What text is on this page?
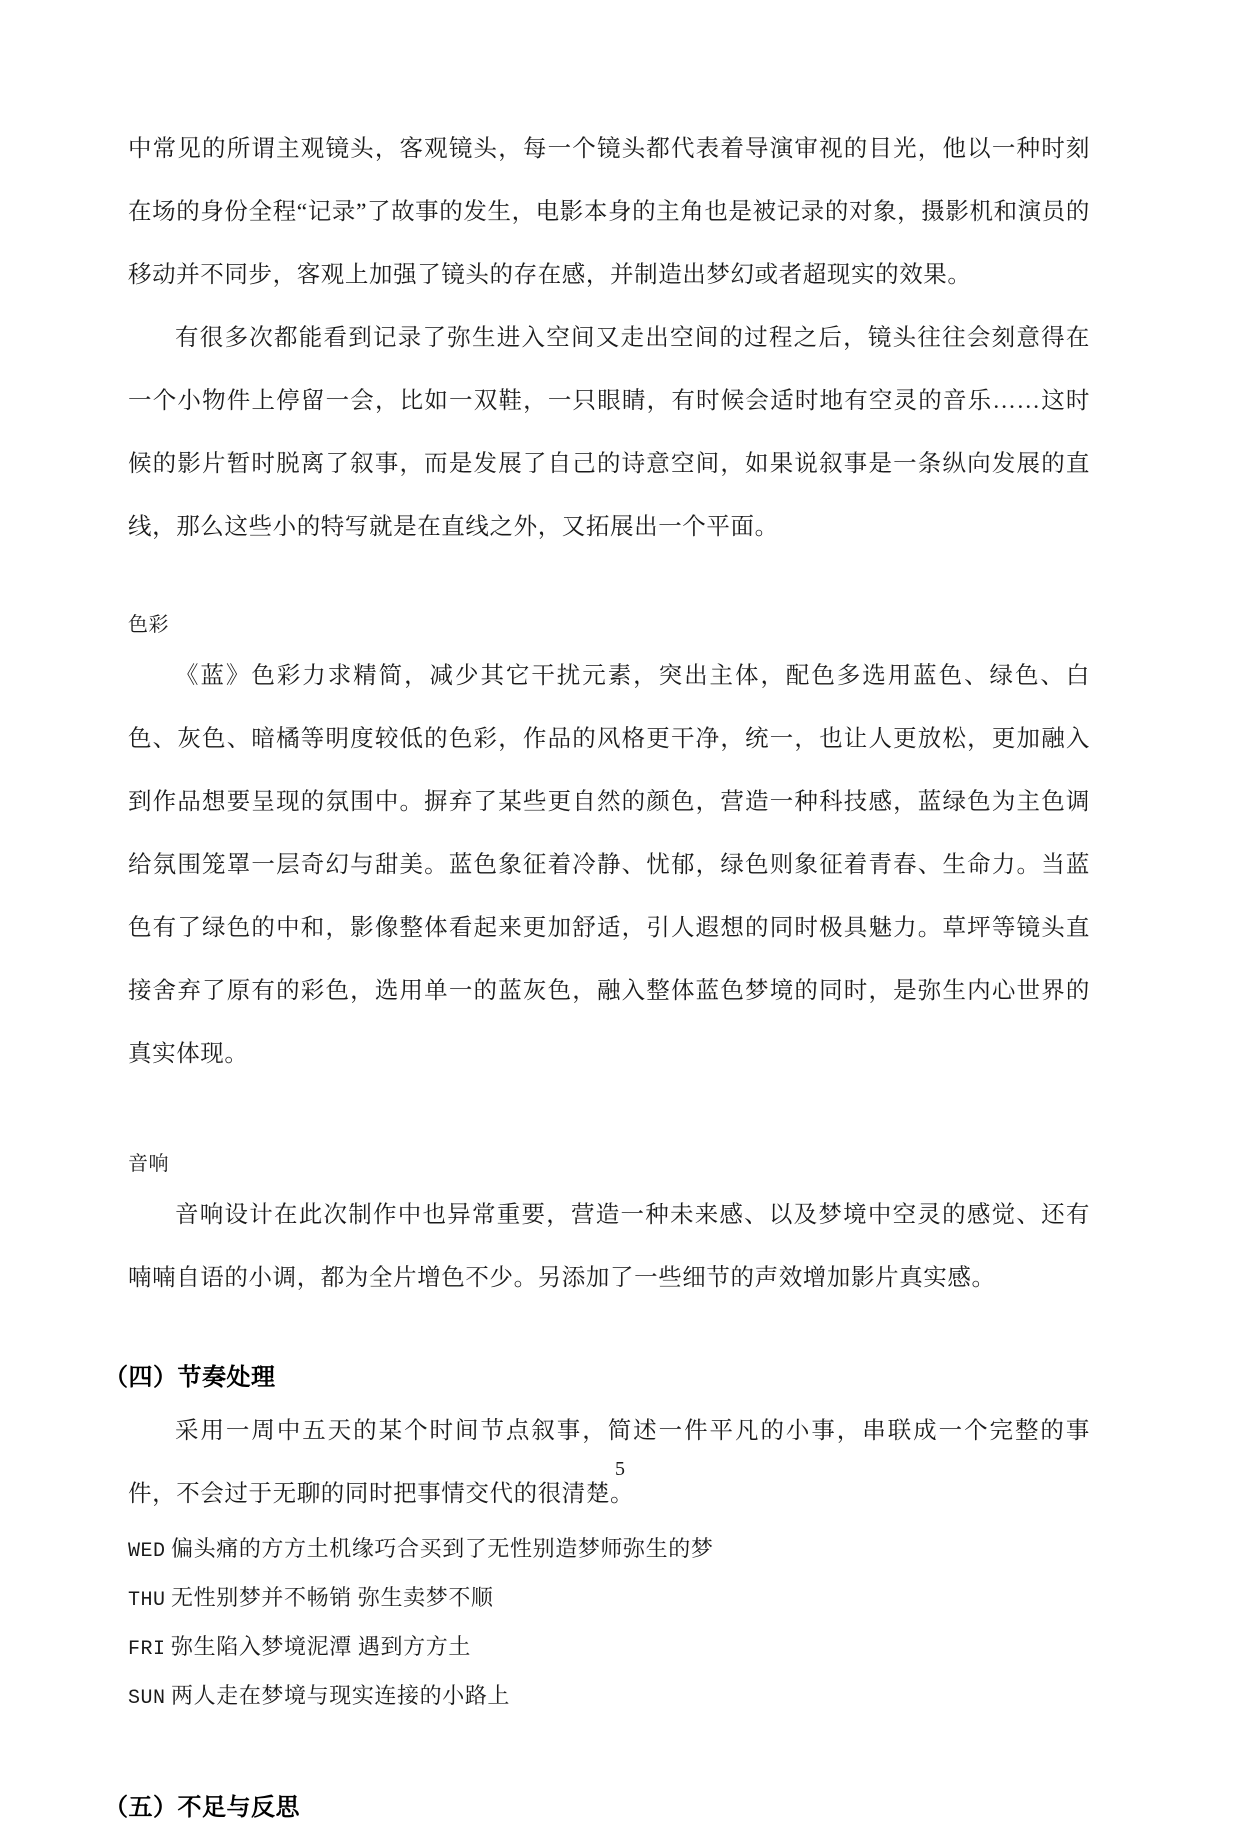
中常见的所谓主观镜头，客观镜头，每一个镜头都代表着导演审视的目光，他以一种时刻在场的身份全程“记录”了故事的发生，电影本身的主角也是被记录的对象，摄影机和演员的移动并不同步，客观上加强了镜头的存在感，并制造出梦幻或者超现实的效果。

有很多次都能看到记录了弥生进入空间又走出空间的过程之后，镜头往往会刻意得在一个小物件上停留一会，比如一双鞋，一只眼睛，有时候会适时地有空灵的音乐……这时候的影片暂时脱离了叙事，而是发展了自己的诗意空间，如果说叙事是一条纵向发展的直线，那么这些小的特写就是在直线之外，又拓展出一个平面。

色彩

《蓝》色彩力求精简，减少其它干扰元素，突出主体，配色多选用蓝色、绿色、白色、灰色、暗橘等明度较低的色彩，作品的风格更干净，统一，也让人更放松，更加融入到作品想要呈现的氛围中。摒弃了某些更自然的颜色，营造一种科技感，蓝绿色为主色调给氛围笼罩一层奇幻与甜美。蓝色象征着冷静、忧郁，绿色则象征着青春、生命力。当蓝色有了绿色的中和，影像整体看起来更加舒适，引人遐想的同时极具魅力。草坪等镜头直接舍弃了原有的彩色，选用单一的蓝灰色，融入整体蓝色梦境的同时，是弥生内心世界的真实体现。

音响

音响设计在此次制作中也异常重要，营造一种未来感、以及梦境中空灵的感觉、还有喃喃自语的小调，都为全片增色不少。另添加了一些细节的声效增加影片真实感。

（四）节奏处理

采用一周中五天的某个时间节点叙事，简述一件平凡的小事，串联成一个完整的事件，不会过于无聊的同时把事情交代的很清楚。

WED 偏头痛的方方土机缘巧合买到了无性别造梦师弥生的梦
THU 无性别梦并不畅销 弥生卖梦不顺
FRI 弥生陷入梦境泥潭 遇到方方土
SUN 两人走在梦境与现实连接的小路上
（五）不足与反思
5
